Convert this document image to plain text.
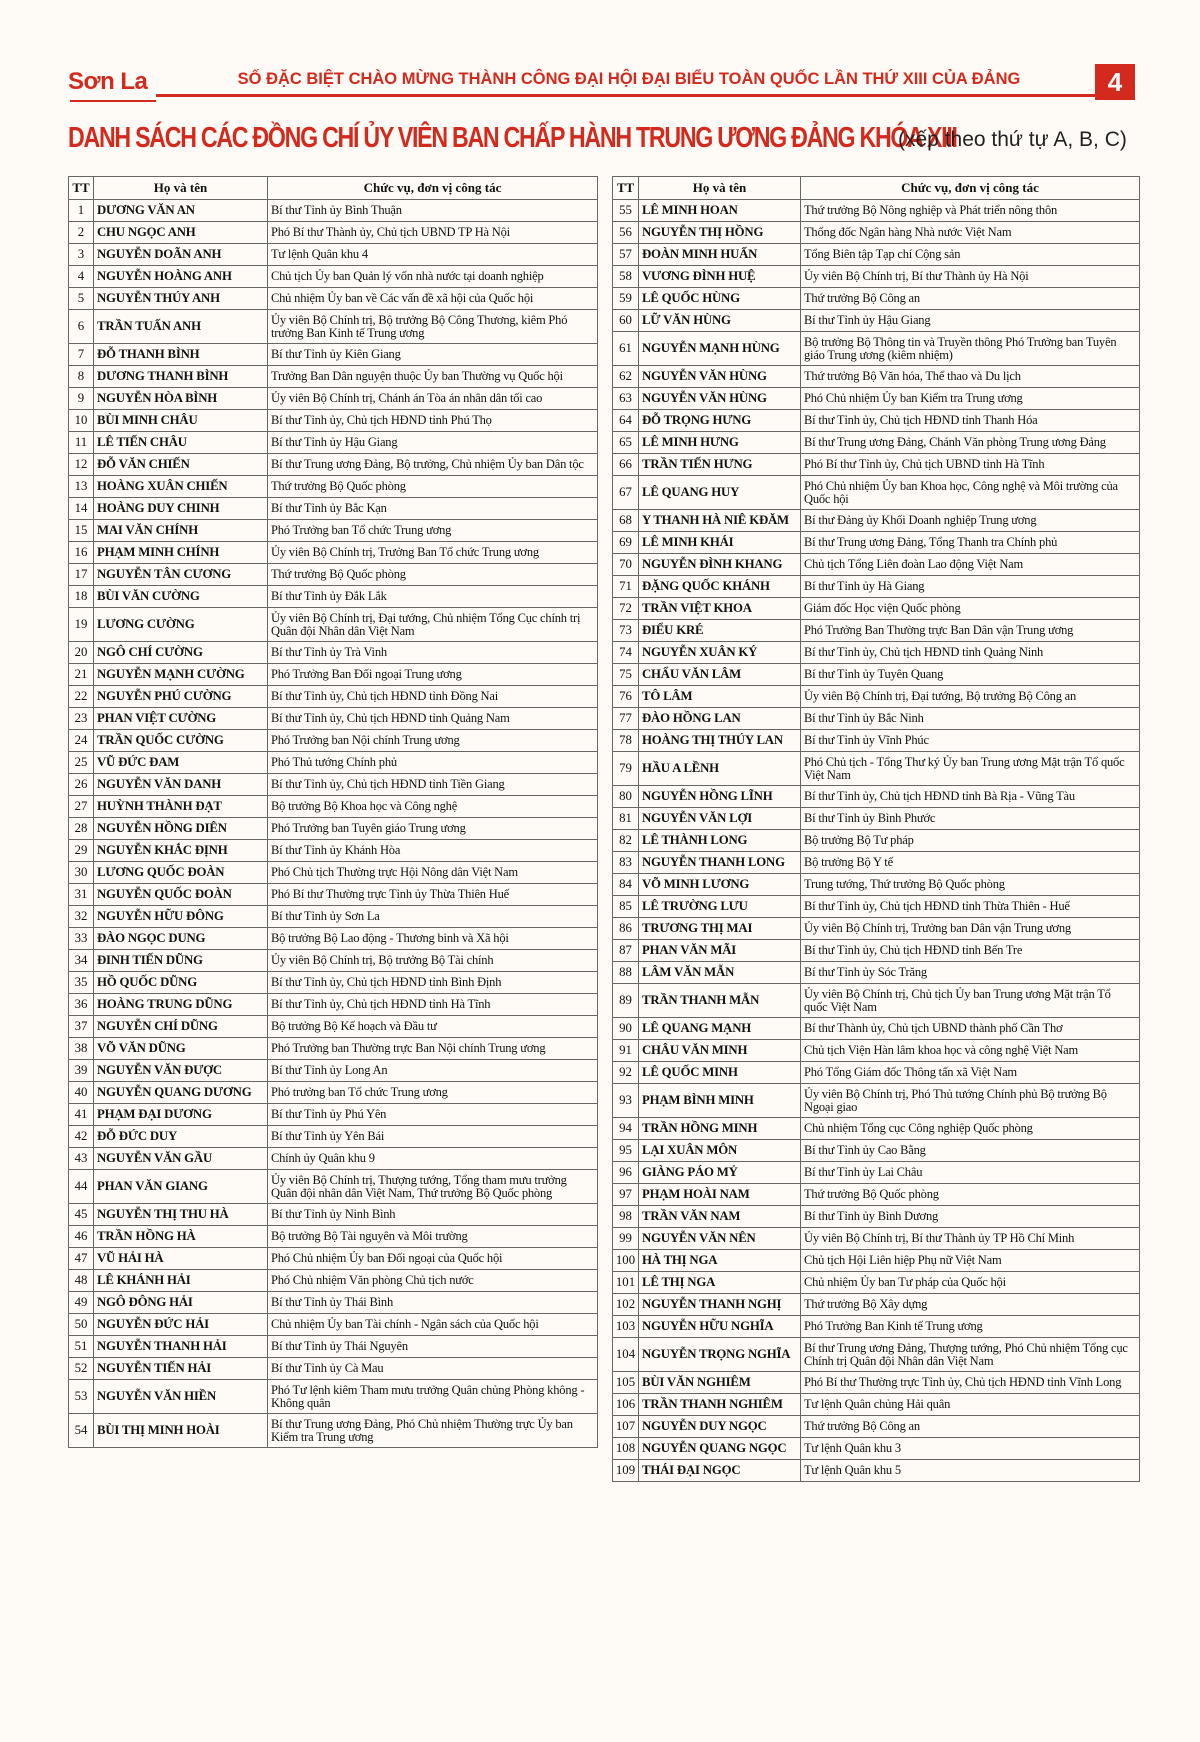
Sơn La	SỐ ĐẶC BIỆT CHÀO MỪNG THÀNH CÔNG ĐẠI HỘI ĐẠI BIỂU TOÀN QUỐC LẦN THỨ XIII CỦA ĐẢNG	4
DANH SÁCH CÁC ĐỒNG CHÍ ỦY VIÊN BAN CHẤP HÀNH TRUNG ƯƠNG ĐẢNG KHÓA XIII
(xếp theo thứ tự A, B, C)
TT	Họ và tên	Chức vụ, đơn vị công tác
1	DƯƠNG VĂN AN	Bí thư Tỉnh ủy Bình Thuận
2	CHU NGỌC ANH	Phó Bí thư Thành ủy, Chủ tịch UBND TP Hà Nội
3	NGUYỄN DOÃN ANH	Tư lệnh Quân khu 4
4	NGUYỄN HOÀNG ANH	Chủ tịch Ủy ban Quản lý vốn nhà nước tại doanh nghiệp
5	NGUYỄN THÚY ANH	Chủ nhiệm Ủy ban về Các vấn đề xã hội của Quốc hội
6	TRẦN TUẤN ANH	Ủy viên Bộ Chính trị, Bộ trưởng Bộ Công Thương, kiêm Phó trưởng Ban Kinh tế Trung ương
7	ĐỖ THANH BÌNH	Bí thư Tỉnh ủy Kiên Giang
8	DƯƠNG THANH BÌNH	Trưởng Ban Dân nguyện thuộc Ủy ban Thường vụ Quốc hội
9	NGUYỄN HÒA BÌNH	Ủy viên Bộ Chính trị, Chánh án Tòa án nhân dân tối cao
10	BÙI MINH CHÂU	Bí thư Tỉnh ủy, Chủ tịch HĐND tỉnh Phú Thọ
11	LÊ TIẾN CHÂU	Bí thư Tỉnh ủy Hậu Giang
12	ĐỖ VĂN CHIẾN	Bí thư Trung ương Đảng, Bộ trưởng, Chủ nhiệm Ủy ban Dân tộc
13	HOÀNG XUÂN CHIẾN	Thứ trưởng Bộ Quốc phòng
14	HOÀNG DUY CHINH	Bí thư Tỉnh ủy Bắc Kạn
15	MAI VĂN CHÍNH	Phó Trưởng ban Tổ chức Trung ương
16	PHẠM MINH CHÍNH	Ủy viên Bộ Chính trị, Trưởng Ban Tổ chức Trung ương
17	NGUYỄN TÂN CƯƠNG	Thứ trưởng Bộ Quốc phòng
18	BÙI VĂN CƯỜNG	Bí thư Tỉnh ủy Đắk Lắk
19	LƯƠNG CƯỜNG	Ủy viên Bộ Chính trị, Đại tướng, Chủ nhiệm Tổng Cục chính trị Quân đội Nhân dân Việt Nam
20	NGÔ CHÍ CƯỜNG	Bí thư Tỉnh ủy Trà Vinh
21	NGUYỄN MẠNH CƯỜNG	Phó Trưởng Ban Đối ngoại Trung ương
22	NGUYỄN PHÚ CƯỜNG	Bí thư Tỉnh ủy, Chủ tịch HĐND tỉnh Đồng Nai
23	PHAN VIỆT CƯỜNG	Bí thư Tỉnh ủy, Chủ tịch HĐND tỉnh Quảng Nam
24	TRẦN QUỐC CƯỜNG	Phó Trưởng ban Nội chính Trung ương
25	VŨ ĐỨC ĐAM	Phó Thủ tướng Chính phủ
26	NGUYỄN VĂN DANH	Bí thư Tỉnh ủy, Chủ tịch HĐND tỉnh Tiền Giang
27	HUỲNH THÀNH ĐẠT	Bộ trưởng Bộ Khoa học và Công nghệ
28	NGUYỄN HỒNG DIÊN	Phó Trưởng ban Tuyên giáo Trung ương
29	NGUYỄN KHẮC ĐỊNH	Bí thư Tỉnh ủy Khánh Hòa
30	LƯƠNG QUỐC ĐOÀN	Phó Chủ tịch Thường trực Hội Nông dân Việt Nam
31	NGUYỄN QUỐC ĐOÀN	Phó Bí thư Thường trực Tỉnh ủy Thừa Thiên Huế
32	NGUYỄN HỮU ĐÔNG	Bí thư Tỉnh ủy Sơn La
33	ĐÀO NGỌC DUNG	Bộ trưởng Bộ Lao động - Thương binh và Xã hội
34	ĐINH TIẾN DŨNG	Ủy viên Bộ Chính trị, Bộ trưởng Bộ Tài chính
35	HỒ QUỐC DŨNG	Bí thư Tỉnh ủy, Chủ tịch HĐND tỉnh Bình Định
36	HOÀNG TRUNG DŨNG	Bí thư Tỉnh ủy, Chủ tịch HĐND tỉnh Hà Tĩnh
37	NGUYỄN CHÍ DŨNG	Bộ trưởng Bộ Kế hoạch và Đầu tư
38	VÕ VĂN DŨNG	Phó Trưởng ban Thường trực Ban Nội chính Trung ương
39	NGUYỄN VĂN ĐƯỢC	Bí thư Tỉnh ủy Long An
40	NGUYỄN QUANG DƯƠNG	Phó trưởng ban Tổ chức Trung ương
41	PHẠM ĐẠI DƯƠNG	Bí thư Tỉnh ủy Phú Yên
42	ĐỖ ĐỨC DUY	Bí thư Tỉnh ủy Yên Bái
43	NGUYỄN VĂN GẦU	Chính ủy Quân khu 9
44	PHAN VĂN GIANG	Ủy viên Bộ Chính trị, Thượng tướng, Tổng tham mưu trưởng Quân đội nhân dân Việt Nam, Thứ trưởng Bộ Quốc phòng
45	NGUYỄN THỊ THU HÀ	Bí thư Tỉnh ủy Ninh Bình
46	TRẦN HỒNG HÀ	Bộ trưởng Bộ Tài nguyên và Môi trường
47	VŨ HẢI HÀ	Phó Chủ nhiệm Ủy ban Đối ngoại của Quốc hội
48	LÊ KHÁNH HẢI	Phó Chủ nhiệm Văn phòng Chủ tịch nước
49	NGÔ ĐÔNG HẢI	Bí thư Tỉnh ủy Thái Bình
50	NGUYỄN ĐỨC HẢI	Chủ nhiệm Ủy ban Tài chính - Ngân sách của Quốc hội
51	NGUYỄN THANH HẢI	Bí thư Tỉnh ủy Thái Nguyên
52	NGUYỄN TIẾN HẢI	Bí thư Tỉnh ủy Cà Mau
53	NGUYỄN VĂN HIỀN	Phó Tư lệnh kiêm Tham mưu trưởng Quân chủng Phòng không - Không quân
54	BÙI THỊ MINH HOÀI	Bí thư Trung ương Đảng, Phó Chủ nhiệm Thường trực Ủy ban Kiểm tra Trung ương
TT	Họ và tên	Chức vụ, đơn vị công tác
55	LÊ MINH HOAN	Thứ trưởng Bộ Nông nghiệp và Phát triển nông thôn
56	NGUYỄN THỊ HỒNG	Thống đốc Ngân hàng Nhà nước Việt Nam
57	ĐOÀN MINH HUẤN	Tổng Biên tập Tạp chí Cộng sản
58	VƯƠNG ĐÌNH HUỆ	Ủy viên Bộ Chính trị, Bí thư Thành ủy Hà Nội
59	LÊ QUỐC HÙNG	Thứ trưởng Bộ Công an
60	LỮ VĂN HÙNG	Bí thư Tỉnh ủy Hậu Giang
61	NGUYỄN MẠNH HÙNG	Bộ trưởng Bộ Thông tin và Truyền thông Phó Trưởng ban Tuyên giáo Trung ương (kiêm nhiệm)
62	NGUYỄN VĂN HÙNG	Thứ trưởng Bộ Văn hóa, Thể thao và Du lịch
63	NGUYỄN VĂN HÙNG	Phó Chủ nhiệm Ủy ban Kiểm tra Trung ương
64	ĐỖ TRỌNG HƯNG	Bí thư Tỉnh ủy, Chủ tịch HĐND tỉnh Thanh Hóa
65	LÊ MINH HƯNG	Bí thư Trung ương Đảng, Chánh Văn phòng Trung ương Đảng
66	TRẦN TIẾN HƯNG	Phó Bí thư Tỉnh ủy, Chủ tịch UBND tỉnh Hà Tĩnh
67	LÊ QUANG HUY	Phó Chủ nhiệm Ủy ban Khoa học, Công nghệ và Môi trường của Quốc hội
68	Y THANH HÀ NIÊ KĐĂM	Bí thư Đảng ủy Khối Doanh nghiệp Trung ương
69	LÊ MINH KHÁI	Bí thư Trung ương Đảng, Tổng Thanh tra Chính phủ
70	NGUYỄN ĐÌNH KHANG	Chủ tịch Tổng Liên đoàn Lao động Việt Nam
71	ĐẶNG QUỐC KHÁNH	Bí thư Tỉnh ủy Hà Giang
72	TRẦN VIỆT KHOA	Giám đốc Học viện Quốc phòng
73	ĐIỂU KRÉ	Phó Trưởng Ban Thường trực Ban Dân vận Trung ương
74	NGUYỄN XUÂN KÝ	Bí thư Tỉnh ủy, Chủ tịch HĐND tỉnh Quảng Ninh
75	CHẨU VĂN LÂM	Bí thư Tỉnh ủy Tuyên Quang
76	TÔ LÂM	Ủy viên Bộ Chính trị, Đại tướng, Bộ trưởng Bộ Công an
77	ĐÀO HỒNG LAN	Bí thư Tỉnh ủy Bắc Ninh
78	HOÀNG THỊ THÚY LAN	Bí thư Tỉnh ủy Vĩnh Phúc
79	HẦU A LỀNH	Phó Chủ tịch - Tổng Thư ký Ủy ban Trung ương Mặt trận Tổ quốc Việt Nam
80	NGUYỄN HỒNG LĨNH	Bí thư Tỉnh ủy, Chủ tịch HĐND tỉnh Bà Rịa - Vũng Tàu
81	NGUYỄN VĂN LỢI	Bí thư Tỉnh ủy Bình Phước
82	LÊ THÀNH LONG	Bộ trưởng Bộ Tư pháp
83	NGUYỄN THANH LONG	Bộ trưởng Bộ Y tế
84	VÕ MINH LƯƠNG	Trung tướng, Thứ trưởng Bộ Quốc phòng
85	LÊ TRƯỜNG LƯU	Bí thư Tỉnh ủy, Chủ tịch HĐND tỉnh Thừa Thiên - Huế
86	TRƯƠNG THỊ MAI	Ủy viên Bộ Chính trị, Trưởng ban Dân vận Trung ương
87	PHAN VĂN MÃI	Bí thư Tỉnh ủy, Chủ tịch HĐND tỉnh Bến Tre
88	LÂM VĂN MẪN	Bí thư Tỉnh ủy Sóc Trăng
89	TRẦN THANH MẪN	Ủy viên Bộ Chính trị, Chủ tịch Ủy ban Trung ương Mặt trận Tổ quốc Việt Nam
90	LÊ QUANG MẠNH	Bí thư Thành ủy, Chủ tịch UBND thành phố Cần Thơ
91	CHÂU VĂN MINH	Chủ tịch Viện Hàn lâm khoa học và công nghệ Việt Nam
92	LÊ QUỐC MINH	Phó Tổng Giám đốc Thông tấn xã Việt Nam
93	PHẠM BÌNH MINH	Ủy viên Bộ Chính trị, Phó Thủ tướng Chính phủ Bộ trưởng Bộ Ngoại giao
94	TRẦN HỒNG MINH	Chủ nhiệm Tổng cục Công nghiệp Quốc phòng
95	LẠI XUÂN MÔN	Bí thư Tỉnh ủy Cao Bằng
96	GIÀNG PÁO MỶ	Bí thư Tỉnh ủy Lai Châu
97	PHẠM HOÀI NAM	Thứ trưởng Bộ Quốc phòng
98	TRẦN VĂN NAM	Bí thư Tỉnh ủy Bình Dương
99	NGUYỄN VĂN NÊN	Ủy viên Bộ Chính trị, Bí thư Thành ủy TP Hồ Chí Minh
100	HÀ THỊ NGA	Chủ tịch Hội Liên hiệp Phụ nữ Việt Nam
101	LÊ THỊ NGA	Chủ nhiệm Ủy ban Tư pháp của Quốc hội
102	NGUYỄN THANH NGHỊ	Thứ trưởng Bộ Xây dựng
103	NGUYỄN HỮU NGHĨA	Phó Trưởng Ban Kinh tế Trung ương
104	NGUYỄN TRỌNG NGHĨA	Bí thư Trung ương Đảng, Thượng tướng, Phó Chủ nhiệm Tổng cục Chính trị Quân đội Nhân dân Việt Nam
105	BÙI VĂN NGHIÊM	Phó Bí thư Thường trực Tỉnh ủy, Chủ tịch HĐND tỉnh Vĩnh Long
106	TRẦN THANH NGHIÊM	Tư lệnh Quân chủng Hải quân
107	NGUYỄN DUY NGỌC	Thứ trưởng Bộ Công an
108	NGUYỄN QUANG NGỌC	Tư lệnh Quân khu 3
109	THÁI ĐẠI NGỌC	Tư lệnh Quân khu 5
